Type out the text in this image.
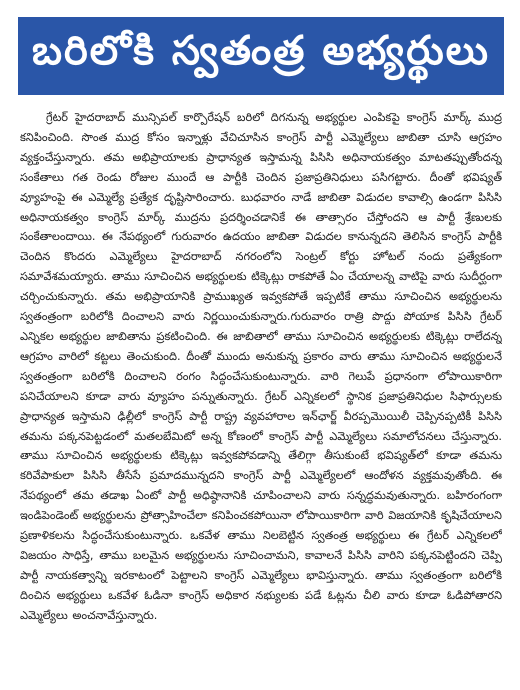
బరిలోకి స్వతంత్ర అభ్యర్థులు

గ్రేటర్ హైదరాబాద్ మున్సిపల్ కార్పొరేషన్ బరిలో దిగనున్న అభ్యర్థుల ఎంపికపై కాంగ్రెస్ మార్క్ ముద్ర కనిపించింది. సొంత ముద్ర కోసం ఇన్నాళ్లు వేచిచూసిన కాంగ్రెస్ పార్టీ ఎమ్మెల్యేలు జాబితా చూసి ఆగ్రహం వ్యక్తంచేస్తున్నారు. తమ అభిప్రాయాలకు ప్రాధాన్యత ఇస్తామన్న పిసిసి అధినాయకత్వం మాటతప్పుతోందన్న సంకేతాలు గత రెండు రోజుల ముందే ఆ పార్టీకి చెందిన ప్రజాప్రతినిధులు పసిగట్టారు. దీంతో భవిష్యత్ వ్యూహంపై ఈ ఎమ్మెల్యే ప్రత్యేక దృష్టిసారించారు. బుధవారం నాడే జాబితా విడుదల కావాల్సి ఉండగా పిసిసి అధినాయకత్వం కాంగ్రెస్ మార్క్ ముద్రను ప్రదర్శించడానికే ఈ తాత్సారం చేస్తోందని ఆ పార్టీ శ్రేణులకు సంకేతాలందాయి. ఈ నేపథ్యంలో గురువారం ఉదయం జాబితా విడుదల కానున్నదని తెలిసిన కాంగ్రెస్ పార్టీకి చెందిన కొందరు ఎమ్మెల్యేలు హైదరాబాద్ నగరంలోని సెంట్రల్ కోర్టు హోటల్ నందు ప్రత్యేకంగా సమావేశమయ్యారు. తాము సూచించిన అభ్యర్థులకు టిక్కెట్లు రాకపోతే ఏం చేయాలన్న వాటిపై వారు సుదీర్ఘంగా చర్చించుకున్నారు. తమ అభిప్రాయానికి ప్రాముఖ్యత ఇవ్వకపోతే ఇప్పటికే తాము సూచించిన అభ్యర్థులను స్వతంత్రంగా బరిలోకి దించాలని వారు నిర్ణయించుకున్నారు.గురువారం రాత్రి పొద్దు పోయాక పిసిసి గ్రేటర్ ఎన్నికల అభ్యర్థుల జాబితాను ప్రకటించింది. ఈ జాబితాలో తాము సూచించిన అభ్యర్థులకు టిక్కెట్లు రాలేదన్న ఆగ్రహం వారిలో కట్టలు తెంచుకుంది. దీంతో ముందు అనుకున్న ప్రకారం వారు తాము సూచించిన అభ్యర్థులనే స్వతంత్రంగా బరిలోకి దించాలని రంగం సిద్ధంచేసుకుంటున్నారు. వారి గెలుపే ప్రధానంగా లోపాయికారిగా పనిచేయాలని కూడా వారు వ్యూహం పన్నుతున్నారు. గ్రేటర్ ఎన్నికలలో స్థానిక ప్రజాప్రతినిధుల సిఫార్సులకు ప్రాధాన్యత ఇస్తామని ఢిల్లీలో కాంగ్రెస్ పార్టీ రాష్ట్ర వ్యవహారాల ఇన్‌ఛార్జ్ వీరప్పమొయిలీ చెప్పినప్పటికీ పిసిసి తమను పక్కనపెట్టడంలో మతలబేమిటో అన్న కోణంలో కాంగ్రెస్ పార్టీ ఎమ్మెల్యేలు సమాలోచనలు చేస్తున్నారు. తాము సూచించిన అభ్యర్థులకు టిక్కెట్లు ఇవ్వకపోవడాన్ని తేలిగ్గా తీసుకుంటే భవిష్యత్‌లో కూడా తమను కరివేపాకులా పిసిసి తీసేసే ప్రమాదమున్నదని కాంగ్రెస్ పార్టీ ఎమ్మెల్యేలలో ఆందోళన వ్యక్తమవుతోంది. ఈ నేపథ్యంలో తమ తడాఖ ఏంటో పార్టీ అధిష్ఠానానికి చూపించాలని వారు సన్నద్ధమవుతున్నారు. బహిరంగంగా ఇండిపెండెంట్ అభ్యర్థులను ప్రోత్సాహించేలా కనిపించకపోయినా లోపాయికారిగా వారి విజయానికి కృషిచేయాలని ప్రణాళికలను సిద్ధంచేసుకుంటున్నారు. ఒకవేళ తాము నిలబెట్టిన స్వతంత్ర అభ్యర్థులు ఈ గ్రేటర్ ఎన్నికలలో విజయం సాధిస్తే, తాము బలమైన అభ్యర్థులను సూచించామని, కావాలనే పిసిసి వారిని పక్కనపెట్టిందని చెప్పి పార్టీ నాయకత్వాన్ని ఇరకాటంలో పెట్టాలని కాంగ్రెస్ ఎమ్మెల్యేలు భావిస్తున్నారు. తాము స్వతంత్రంగా బరిలోకి దించిన అభ్యర్థులు ఒకవేళ ఓడినా కాంగ్రెస్ అధికార నభ్యులకు పడే ఓట్లను చీలి వారు కూడా ఓడిపోతారని ఎమ్మెల్యేలు అంచనావేస్తున్నారు.
